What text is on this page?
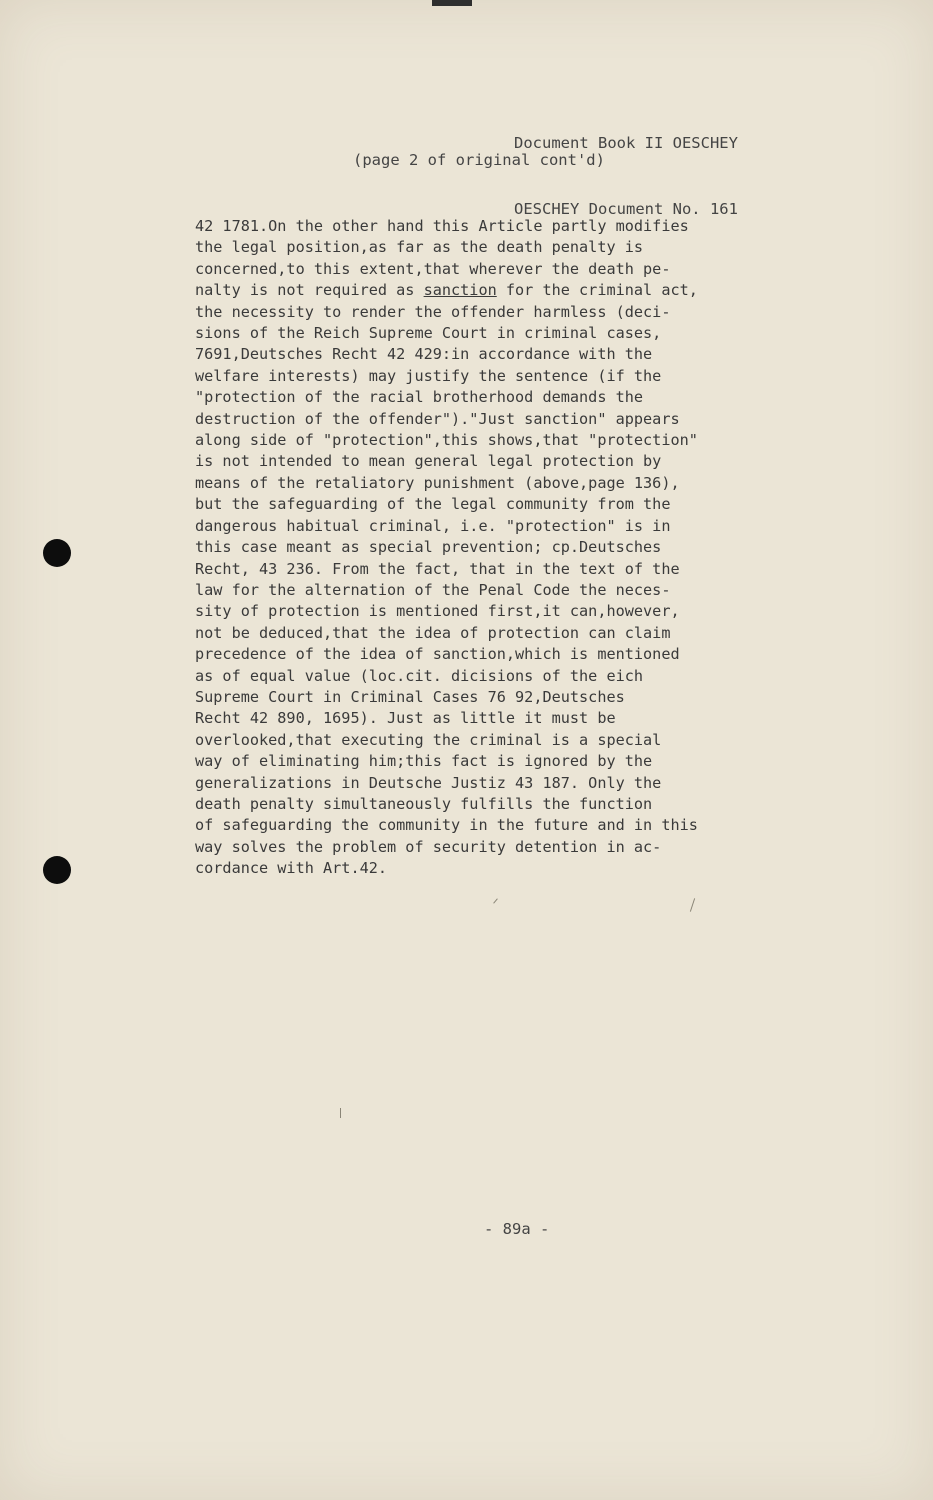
Document Book II OESCHEY

OESCHEY Document No. 161

(page 2 of original cont'd)
42 1781.On the other hand this Article partly modifies
the legal position,as far as the death penalty is
concerned,to this extent,that wherever the death pe-
nalty is not required as sanction for the criminal act,
the necessity to render the offender harmless (deci-
sions of the Reich Supreme Court in criminal cases,
7691,Deutsches Recht 42 429:in accordance with the
welfare interests) may justify the sentence (if the
"protection of the racial brotherhood demands the
destruction of the offender")."Just sanction" appears
along side of "protection",this shows,that "protection"
is not intended to mean general legal protection by
means of the retaliatory punishment (above,page 136),
but the safeguarding of the legal community from the
dangerous habitual criminal, i.e. "protection" is in
this case meant as special prevention; cp.Deutsches
Recht, 43 236. From the fact, that in the text of the
law for the alternation of the Penal Code the neces-
sity of protection is mentioned first,it can,however,
not be deduced,that the idea of protection can claim
precedence of the idea of sanction,which is mentioned
as of equal value (loc.cit. dicisions of the eich
Supreme Court in Criminal Cases 76 92,Deutsches
Recht 42 890, 1695). Just as little it must be
overlooked,that executing the criminal is a special
way of eliminating him;this fact is ignored by the
generalizations in Deutsche Justiz 43 187. Only the
death penalty simultaneously fulfills the function
of safeguarding the community in the future and in this
way solves the problem of security detention in ac-
cordance with Art.42.
- 89a -
